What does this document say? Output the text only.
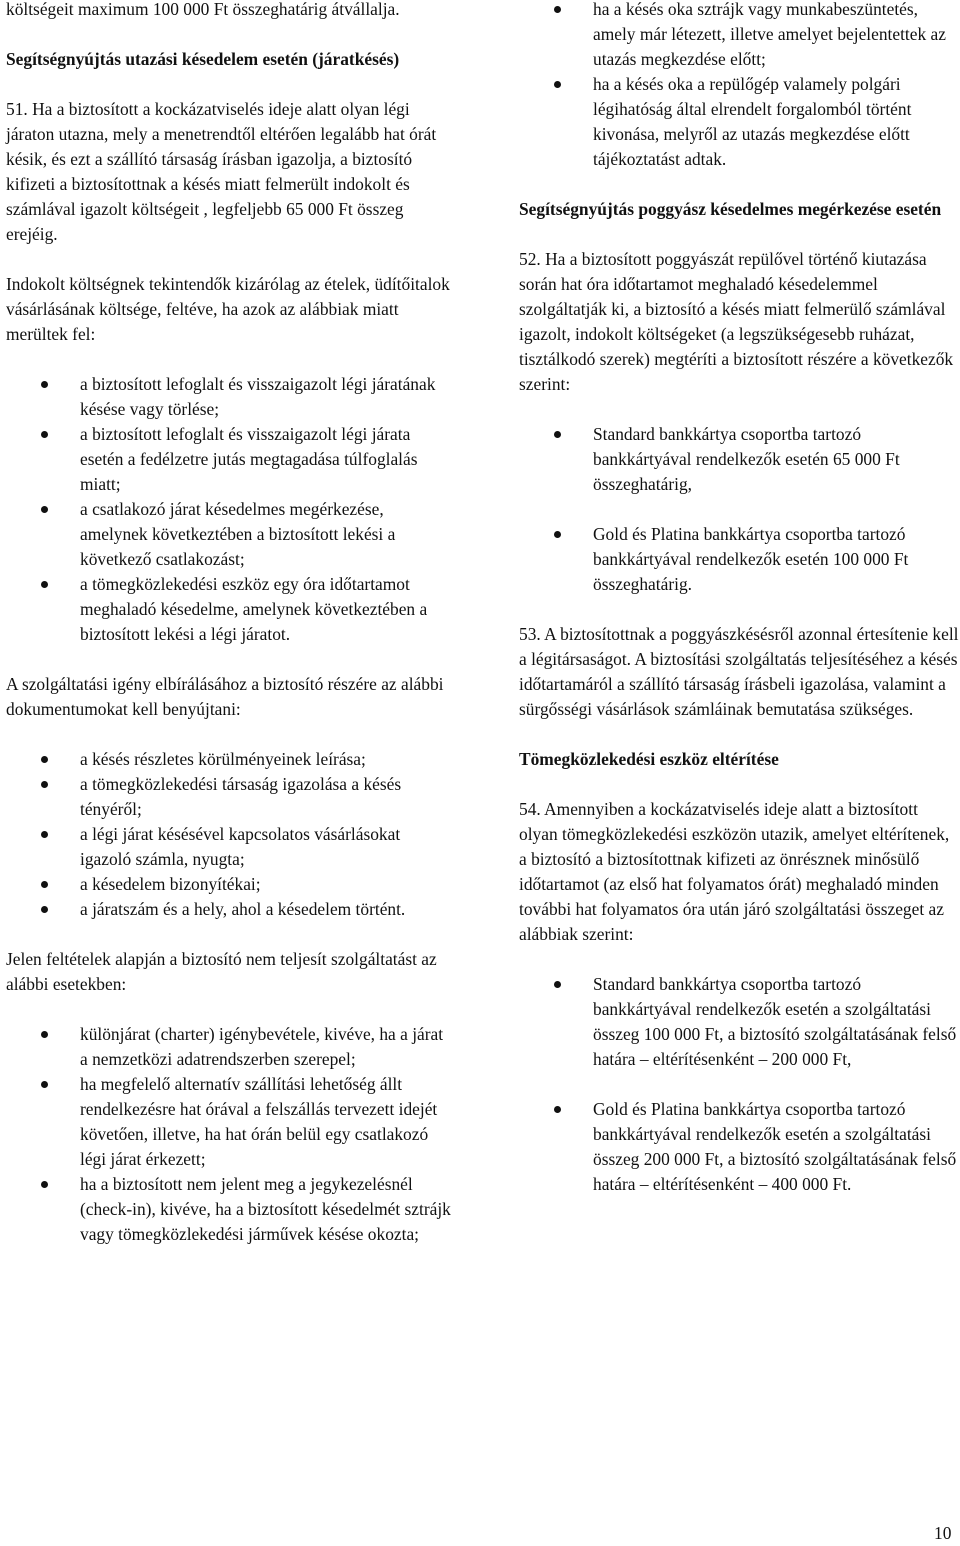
költségeit maximum 100 000 Ft összeghatárig átvállalja.

Segítségnyújtás utazási késedelem esetén (járatkésés)

51. Ha a biztosított a kockázatviselés ideje alatt olyan légi járaton utazna, mely a menetrendtől eltérően legalább hat órát késik, és ezt a szállító társaság írásban igazolja, a biztosító kifizeti a biztosítottnak a késés miatt felmerült indokolt és számlával igazolt költségeit , legfeljebb 65 000 Ft összeg erejéig.

Indokolt költségnek tekintendők kizárólag az ételek, üdítőitalok vásárlásának költsége, feltéve, ha azok az alábbiak miatt merültek fel:

a biztosított lefoglalt és visszaigazolt légi járatának késése vagy törlése;
a biztosított lefoglalt és visszaigazolt légi járata esetén a fedélzetre jutás megtagadása túlfoglalás miatt;
a csatlakozó járat késedelmes megérkezése, amelynek következtében a biztosított lekési a következő csatlakozást;
a tömegközlekedési eszköz egy óra időtartamot meghaladó késedelme, amelynek következtében a biztosított lekési a légi járatot.

A szolgáltatási igény elbírálásához a biztosító részére az alábbi dokumentumokat kell benyújtani:

a késés részletes körülményeinek leírása;
a tömegközlekedési társaság igazolása a késés tényéről;
a légi járat késésével kapcsolatos vásárlásokat igazoló számla, nyugta;
a késedelem bizonyítékai;
a járatszám és a hely, ahol a késedelem történt.

Jelen feltételek alapján a biztosító nem teljesít szolgáltatást az alábbi esetekben:

különjárat (charter) igénybevétele, kivéve, ha a járat a nemzetközi adatrendszerben szerepel;
ha megfelelő alternatív szállítási lehetőség állt rendelkezésre hat órával a felszállás tervezett idejét követően, illetve, ha hat órán belül egy csatlakozó légi járat érkezett;
ha a biztosított nem jelent meg a jegykezelésnél (check-in), kivéve, ha a biztosított késedelmét sztrájk vagy tömegközlekedési járművek késése okozta;
ha a késés oka sztrájk vagy munkabeszüntetés, amely már létezett, illetve amelyet bejelentettek az utazás megkezdése előtt;
ha a késés oka a repülőgép valamely polgári légihatóság által elrendelt forgalomból történt kivonása, melyről az utazás megkezdése előtt tájékoztatást adtak.
Segítségnyújtás poggyász késedelmes megérkezése esetén

52. Ha a biztosított poggyászát repülővel történő kiutazása során hat óra időtartamot meghaladó késedelemmel szolgáltatják ki, a biztosító a késés miatt felmerülő számlával igazolt, indokolt költségeket (a legszükségesebb ruházat, tisztálkodó szerek) megtéríti a biztosított részére a következők szerint:

Standard bankkártya csoportba tartozó bankkártyával rendelkezők esetén 65 000 Ft összeghatárig,
Gold és Platina bankkártya csoportba tartozó bankkártyával rendelkezők esetén 100 000 Ft összeghatárig.

53. A biztosítottnak a poggyászkésésről azonnal értesítenie kell a légitársaságot. A biztosítási szolgáltatás teljesítéséhez a késés időtartamáról a szállító társaság írásbeli igazolása, valamint a sürgősségi vásárlások számláinak bemutatása szükséges.

Tömegközlekedési eszköz eltérítése

54. Amennyiben a kockázatviselés ideje alatt a biztosított olyan tömegközlekedési eszközön utazik, amelyet eltérítenek, a biztosító a biztosítottnak kifizeti az önrésznek minősülő időtartamot (az első hat folyamatos órát) meghaladó minden további hat folyamatos óra után járó szolgáltatási összeget az alábbiak szerint:

Standard bankkártya csoportba tartozó bankkártyával rendelkezők esetén a szolgáltatási összeg 100 000 Ft, a biztosító szolgáltatásának felső határa – eltérítésenként – 200 000 Ft,
Gold és Platina bankkártya csoportba tartozó bankkártyával rendelkezők esetén a szolgáltatási összeg 200 000 Ft, a biztosító szolgáltatásának felső határa – eltérítésenként – 400 000 Ft.
10
